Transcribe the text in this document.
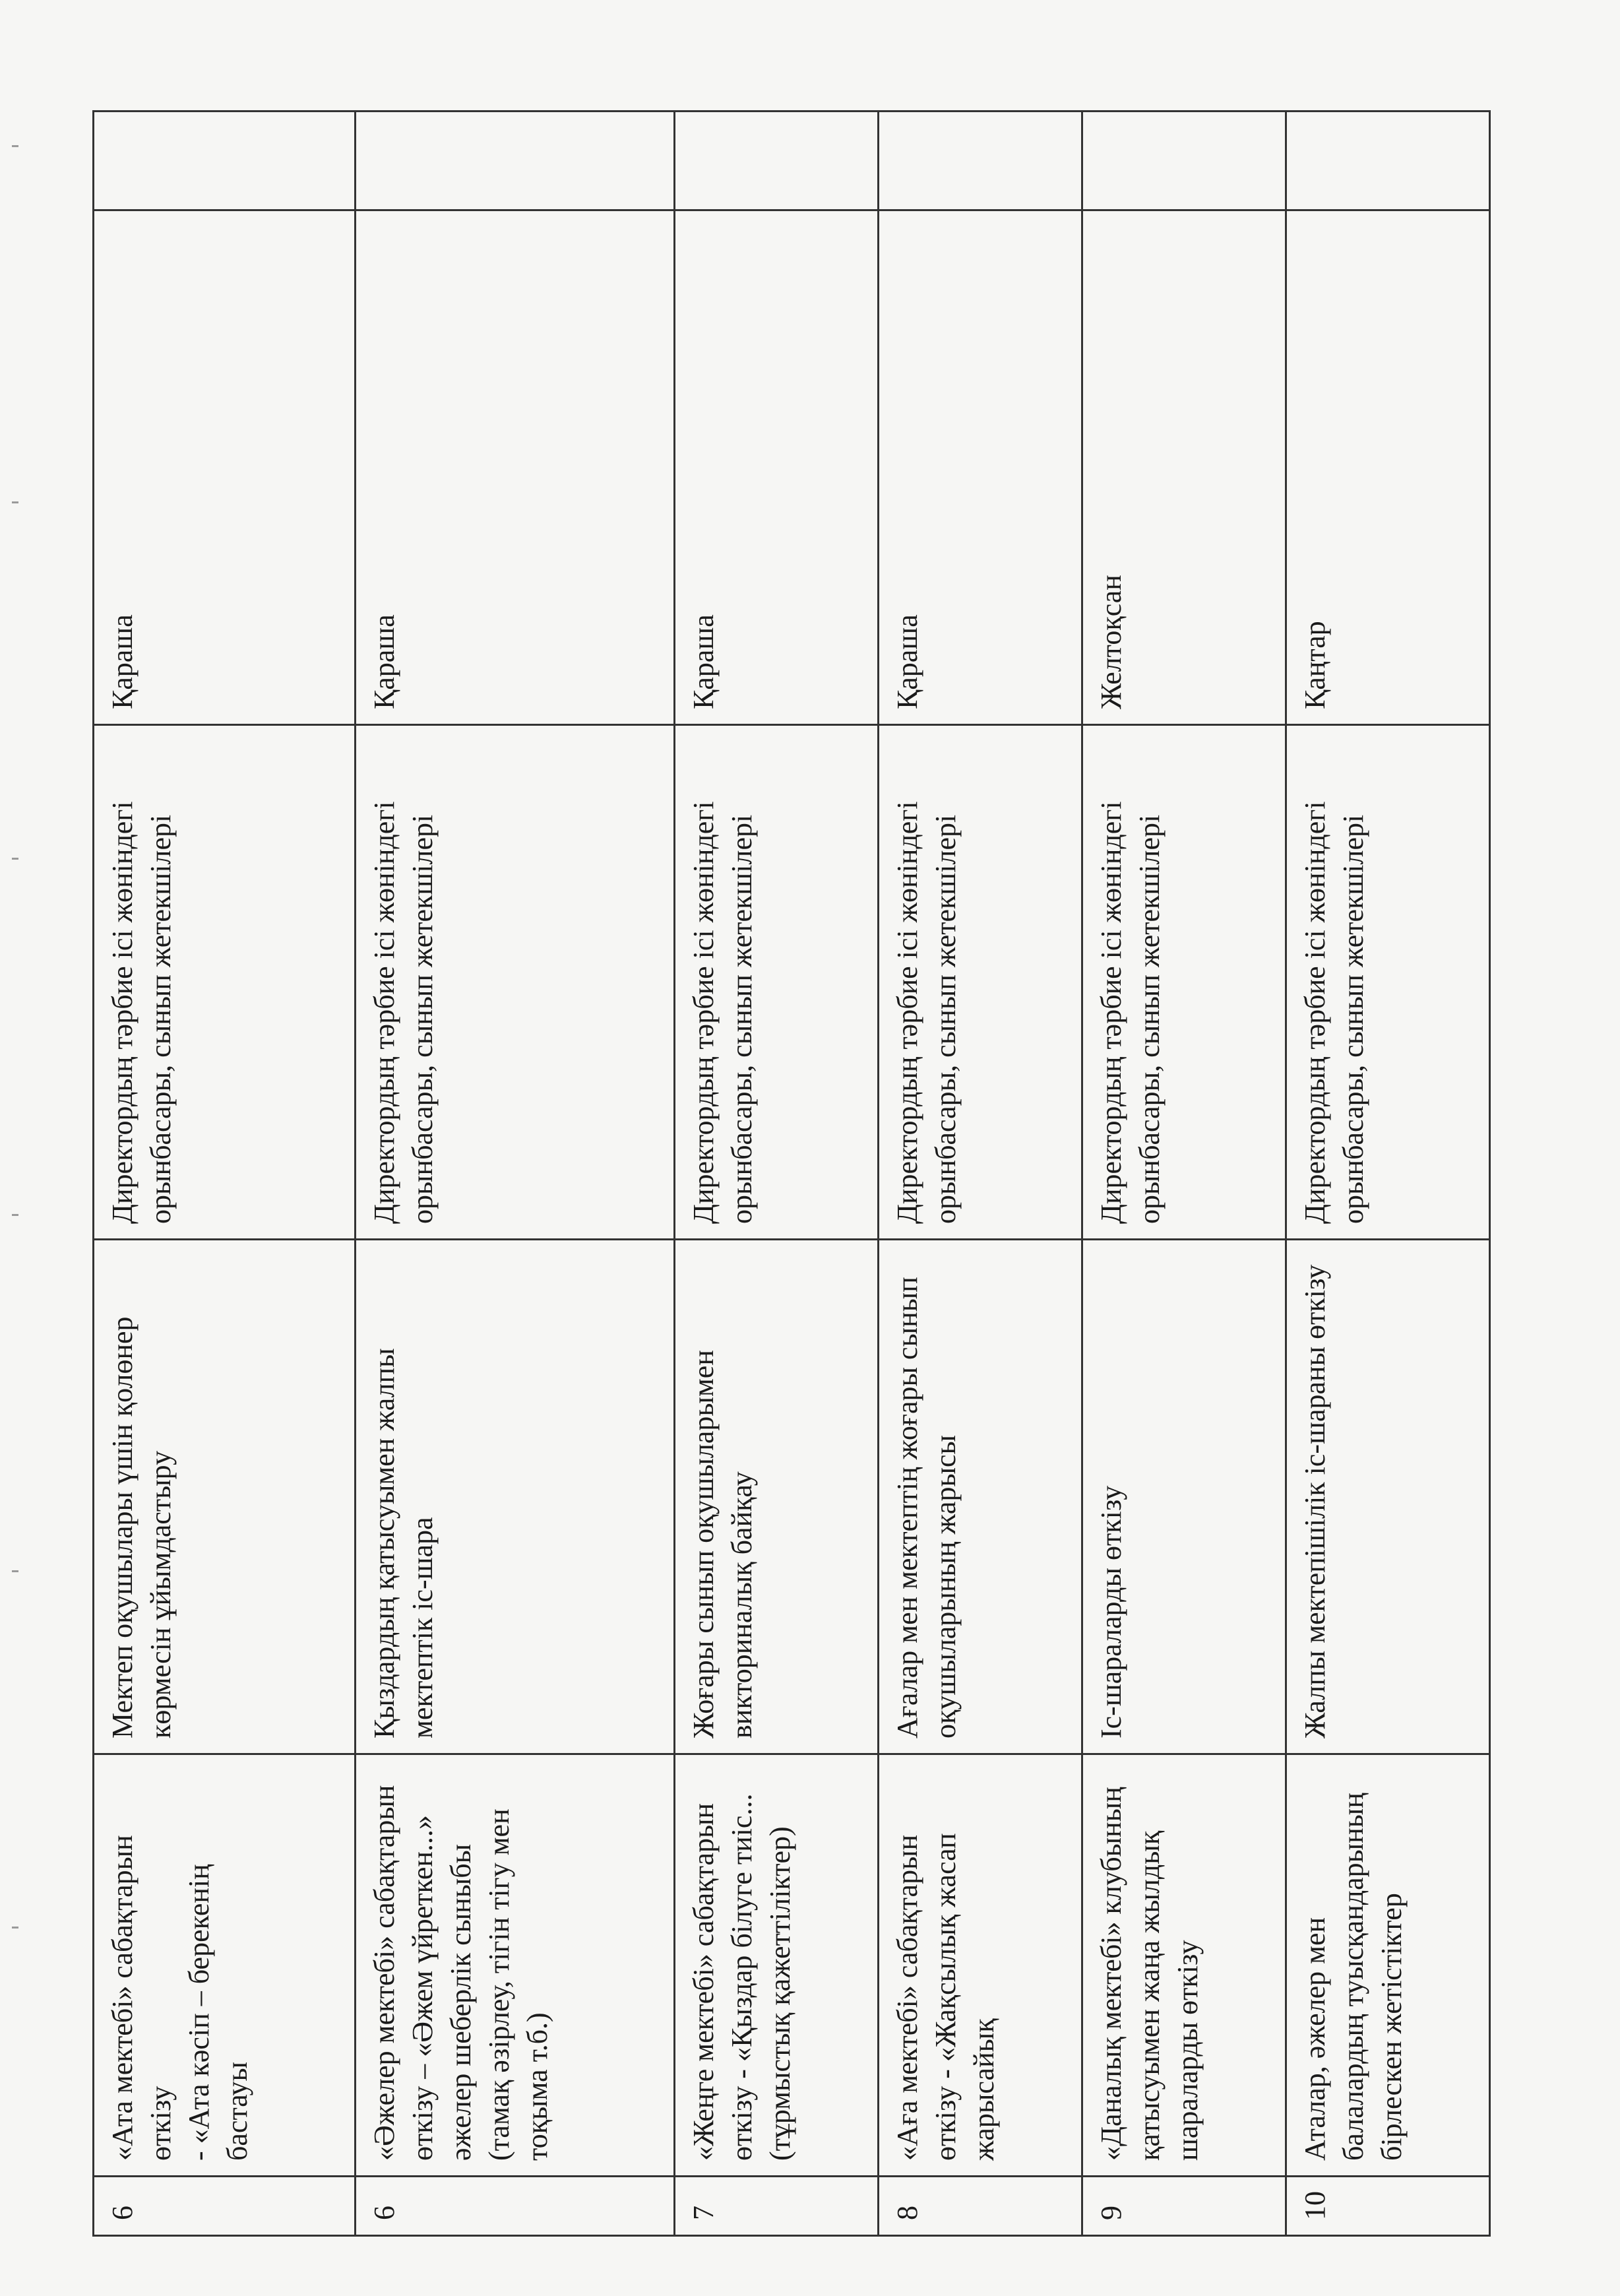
6	«Ата мектебі» сабақтарын өткізу
- «Ата кәсіп – берекенің бастауы	Мектеп оқушылары үшін қолөнер көрмесін ұйымдастыру	Директордың тәрбие ісі жөніндегі орынбасары, сынып жетекшілері	Қараша	
6	«Әжелер мектебі» сабақтарын өткізу – «Әжем үйреткен...» әжелер шеберлік сыныбы (тамақ әзірлеу, тігін тігу мен тоқыма т.б.)	Қыздардың қатысуымен жалпы мектептік іс-шара	Директордың тәрбие ісі жөніндегі орынбасары, сынып жетекшілері	Қараша	
7	«Жеңге мектебі» сабақтарын өткізу - «Қыздар білуге тиіс... (тұрмыстық қажеттіліктер)	Жоғары сынып оқушыларымен викториналық байқау	Директордың тәрбие ісі жөніндегі орынбасары, сынып жетекшілері	Қараша	
8	«Аға мектебі» сабақтарын өткізу - «Жақсылық жасап жарысайық	Ағалар мен мектептің жоғары сынып оқушыларының жарысы	Директордың тәрбие ісі жөніндегі орынбасары, сынып жетекшілері	Қараша	
9	«Даналық мектебі» клубының қатысуымен жаңа жылдық шараларды өткізу	Іс-шараларды өткізу	Директордың тәрбие ісі жөніндегі орынбасары, сынып жетекшілері	Желтоқсан	
10	Аталар, әжелер мен балалардың туысқандарының бірлескен жетістіктер	Жалпы мектепішілік іс-шараны өткізу	Директордың тәрбие ісі жөніндегі орынбасары, сынып жетекшілері	Қаңтар	
